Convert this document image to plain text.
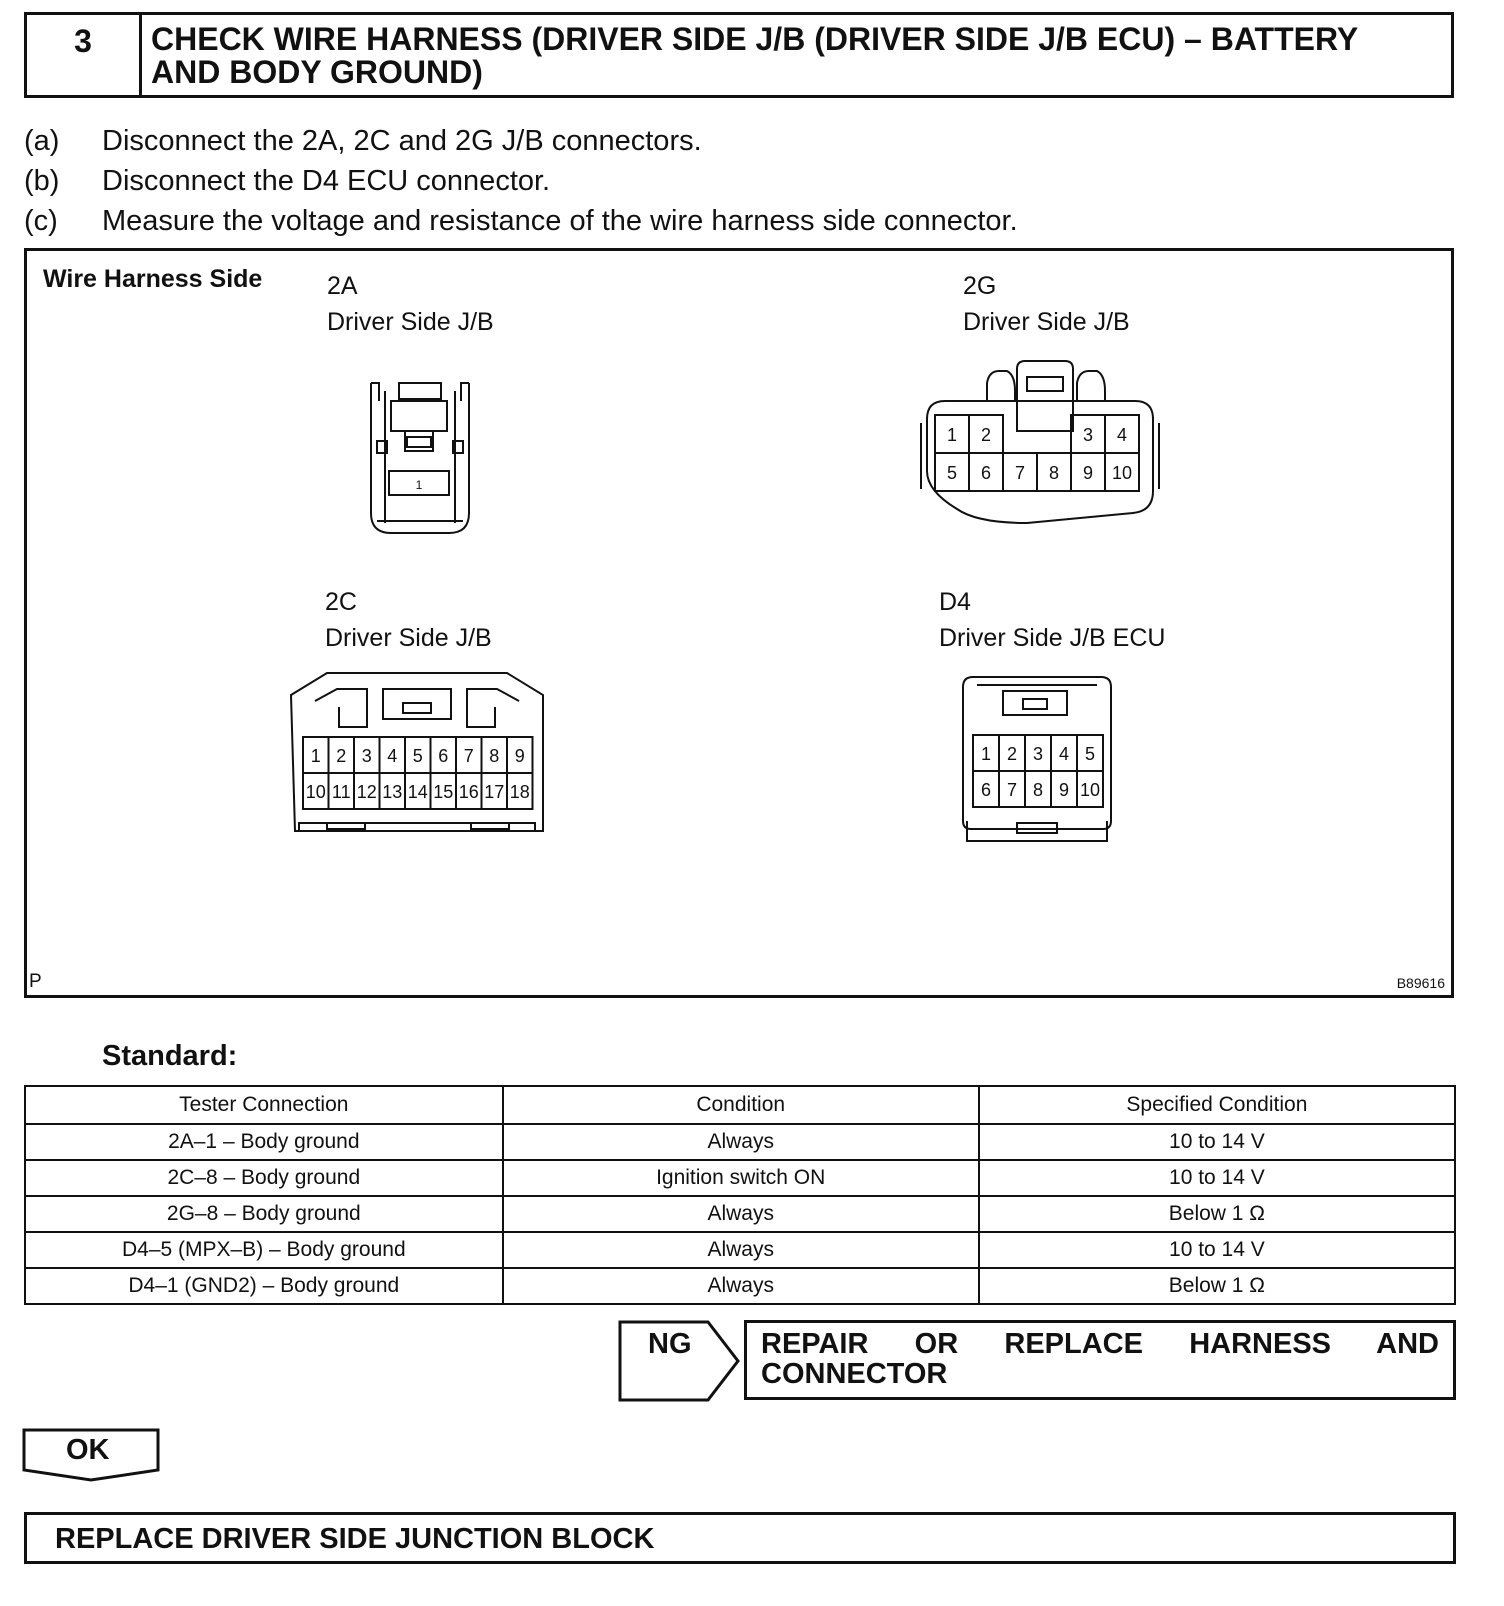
3	CHECK WIRE HARNESS (DRIVER SIDE J/B (DRIVER SIDE J/B ECU) – BATTERY AND BODY GROUND)
(a)	Disconnect the 2A, 2C and 2G J/B connectors.
(b)	Disconnect the D4 ECU connector.
(c)	Measure the voltage and resistance of the wire harness side connector.
Wire Harness Side	2A
Driver Side J/B
2G
Driver Side J/B
2C
Driver Side J/B
D4
Driver Side J/B ECU
1
1 2	3 4
5 6 7 8 9 10
1 2 3 4 5 6 7 8 9
10 11 12 13 14 15 16 17 18
1 2 3 4 5
6 7 8 9 10
P	B89616
Standard:
Tester Connection	Condition	Specified Condition
2A–1 – Body ground	Always	10 to 14 V
2C–8 – Body ground	Ignition switch ON	10 to 14 V
2G–8 – Body ground	Always	Below 1 Ω
D4–5 (MPX–B) – Body ground	Always	10 to 14 V
D4–1 (GND2) – Body ground	Always	Below 1 Ω
NG	REPAIR OR REPLACE HARNESS AND CONNECTOR
OK
REPLACE DRIVER SIDE JUNCTION BLOCK
